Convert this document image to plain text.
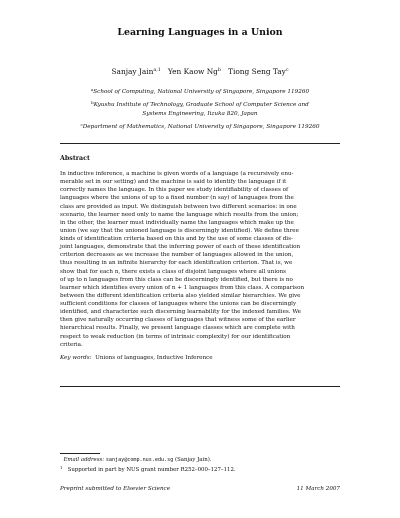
Learning Languages in a Union
Sanjay Jain$^{a,1}$ Yen Kaow Ng$^b$ Tiong Seng Tay$^c$
$^a$School of Computing, National University of Singapore, Singapore 119260
$^b$Kyushu Institute of Technology, Graduate School of Computer Science and
Systems Engineering, Iizuka 820, Japan
$^c$Department of Mathematics, National University of Singapore, Singapore 119260
Abstract
In inductive inference, a machine is given words of a language (a recursively enu-
merable set in our setting) and the machine is said to identify the language if it
correctly names the language. In this paper we study identifiability of classes of
languages where the unions of up to a fixed number (n say) of languages from the
class are provided as input. We distinguish between two different scenarios: in one
scenario, the learner need only to name the language which results from the union;
in the other, the learner must individually name the languages which make up the
union (we say that the unioned language is discerningly identified). We define three
kinds of identification criteria based on this and by the use of some classes of dis-
joint languages, demonstrate that the inferring power of each of these identification
criterion decreases as we increase the number of languages allowed in the union,
thus resulting in an infinite hierarchy for each identification criterion. That is, we
show that for each n, there exists a class of disjoint languages where all unions
of up to n languages from this class can be discerningly identified, but there is no
learner which identifies every union of n + 1 languages from this class. A comparison
between the different identification criteria also yielded similar hierarchies. We give
sufficient conditions for classes of languages where the unions can be discerningly
identified, and characterize such discerning learnability for the indexed families. We
then give naturally occurring classes of languages that witness some of the earlier
hierarchical results. Finally, we present language classes which are complete with
respect to weak reduction (in terms of intrinsic complexity) for our identification
criteria.
Key words: Unions of languages, Inductive Inference
Email address: sanjay@comp.nus.edu.sg (Sanjay Jain).
$^1$ Supported in part by NUS grant number R252–000–127–112.
Preprint submitted to Elsevier Science	11 March 2007
